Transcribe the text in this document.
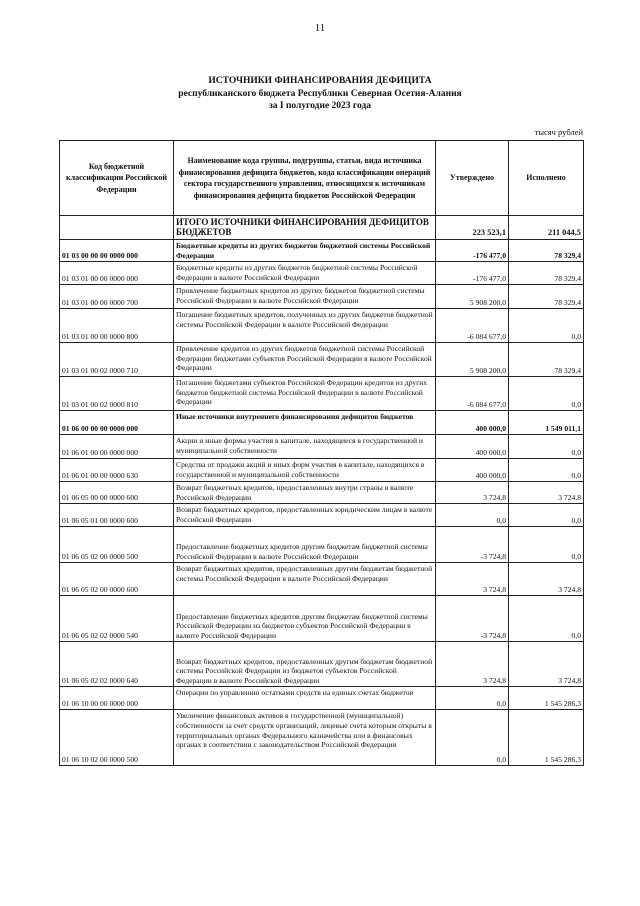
11
ИСТОЧНИКИ ФИНАНСИРОВАНИЯ ДЕФИЦИТА
республиканского бюджета Республики Северная Осетия-Алания
за I полугодие 2023 года
тысяч рублей
Код бюджетной классификации Российской Федерации	Наименование кода группы, подгруппы, статьи, вида источника финансирования дефицита бюджетов, кода классификации операций сектора государственного управления, относящихся к источникам финансирования дефицита бюджетов Российской Федерации	Утверждено	Исполнено
	ИТОГО ИСТОЧНИКИ ФИНАНСИРОВАНИЯ ДЕФИЦИТОВ БЮДЖЕТОВ	223 523,1	211 044,5
01 03 00 00 00 0000 000	Бюджетные кредиты из других бюджетов бюджетной системы Российской Федерации	-176 477,0	78 329,4
01 03 01 00 00 0000 000	Бюджетные кредиты из других бюджетов бюджетной системы Российской Федерации в валюте Российской Федерации	-176 477,0	78 329,4
01 03 01 00 00 0000 700	Привлечение бюджетных кредитов из других бюджетов бюджетной системы Российской Федерации в валюте Российской Федерации	5 908 200,0	78 329,4
01 03 01 00 00 0000 800	Погашение бюджетных кредитов, полученных из других бюджетов бюджетной системы Российской Федерации в валюте Российской Федерации	-6 084 677,0	0,0
01 03 01 00 02 0000 710	Привлечение кредитов из других бюджетов бюджетной системы Российской Федерации бюджетами субъектов Российской Федерации в валюте Российской Федерации	5 908 200,0	78 329,4
01 03 01 00 02 0000 810	Погашение бюджетами субъектов Российской Федерации кредитов из других бюджетов бюджетной системы Российской Федерации в валюте Российской Федерации	-6 084 677,0	0,0
01 06 00 00 00 0000 000	Иные источники внутреннего финансирования дефицитов бюджетов	400 000,0	1 549 011,1
01 06 01 00 00 0000 000	Акции и иные формы участия в капитале, находящиеся в государственной и муниципальной собственности	400 000,0	0,0
01 06 01 00 00 0000 630	Средства от продажи акций и иных форм участия в капитале, находящихся в государственной и муниципальной собственности	400 000,0	0,0
01 06 05 00 00 0000 600	Возврат бюджетных кредитов, предоставленных внутри страны в валюте Российской Федерации	3 724,8	3 724,8
01 06 05 01 00 0000 600	Возврат бюджетных кредитов, предоставленных юридическим лицам в валюте Российской Федерации	0,0	0,0
01 06 05 02 00 0000 500	Предоставление бюджетных кредитов другим бюджетам бюджетной системы Российской Федерации в валюте Российской Федерации	-3 724,8	0,0
01 06 05 02 00 0000 600	Возврат бюджетных кредитов, предоставленных другим бюджетам бюджетной системы Российской Федерации в валюте Российской Федерации	3 724,8	3 724,8
01 06 05 02 02 0000 540	Предоставление бюджетных кредитов другим бюджетам бюджетной системы Российской Федерации из бюджетов субъектов Российской Федерации в валюте Российской Федерации	-3 724,8	0,0
01 06 05 02 02 0000 640	Возврат бюджетных кредитов, предоставленных другим бюджетам бюджетной системы Российской Федерации из бюджетов субъектов Российской Федерации в валюте Российской Федерации	3 724,8	3 724,8
01 06 10 00 00 0000 000	Операции по управлению остатками средств на единых счетах бюджетов	0,0	1 545 286,3
01 06 10 02 00 0000 500	Увеличение финансовых активов в государственной (муниципальной) собственности за счет средств организаций, лицевые счета которым открыты в территориальных органах Федерального казначейства или в финансовых органах в соответствии с законодательством Российской Федерации	0,0	1 545 286,3
